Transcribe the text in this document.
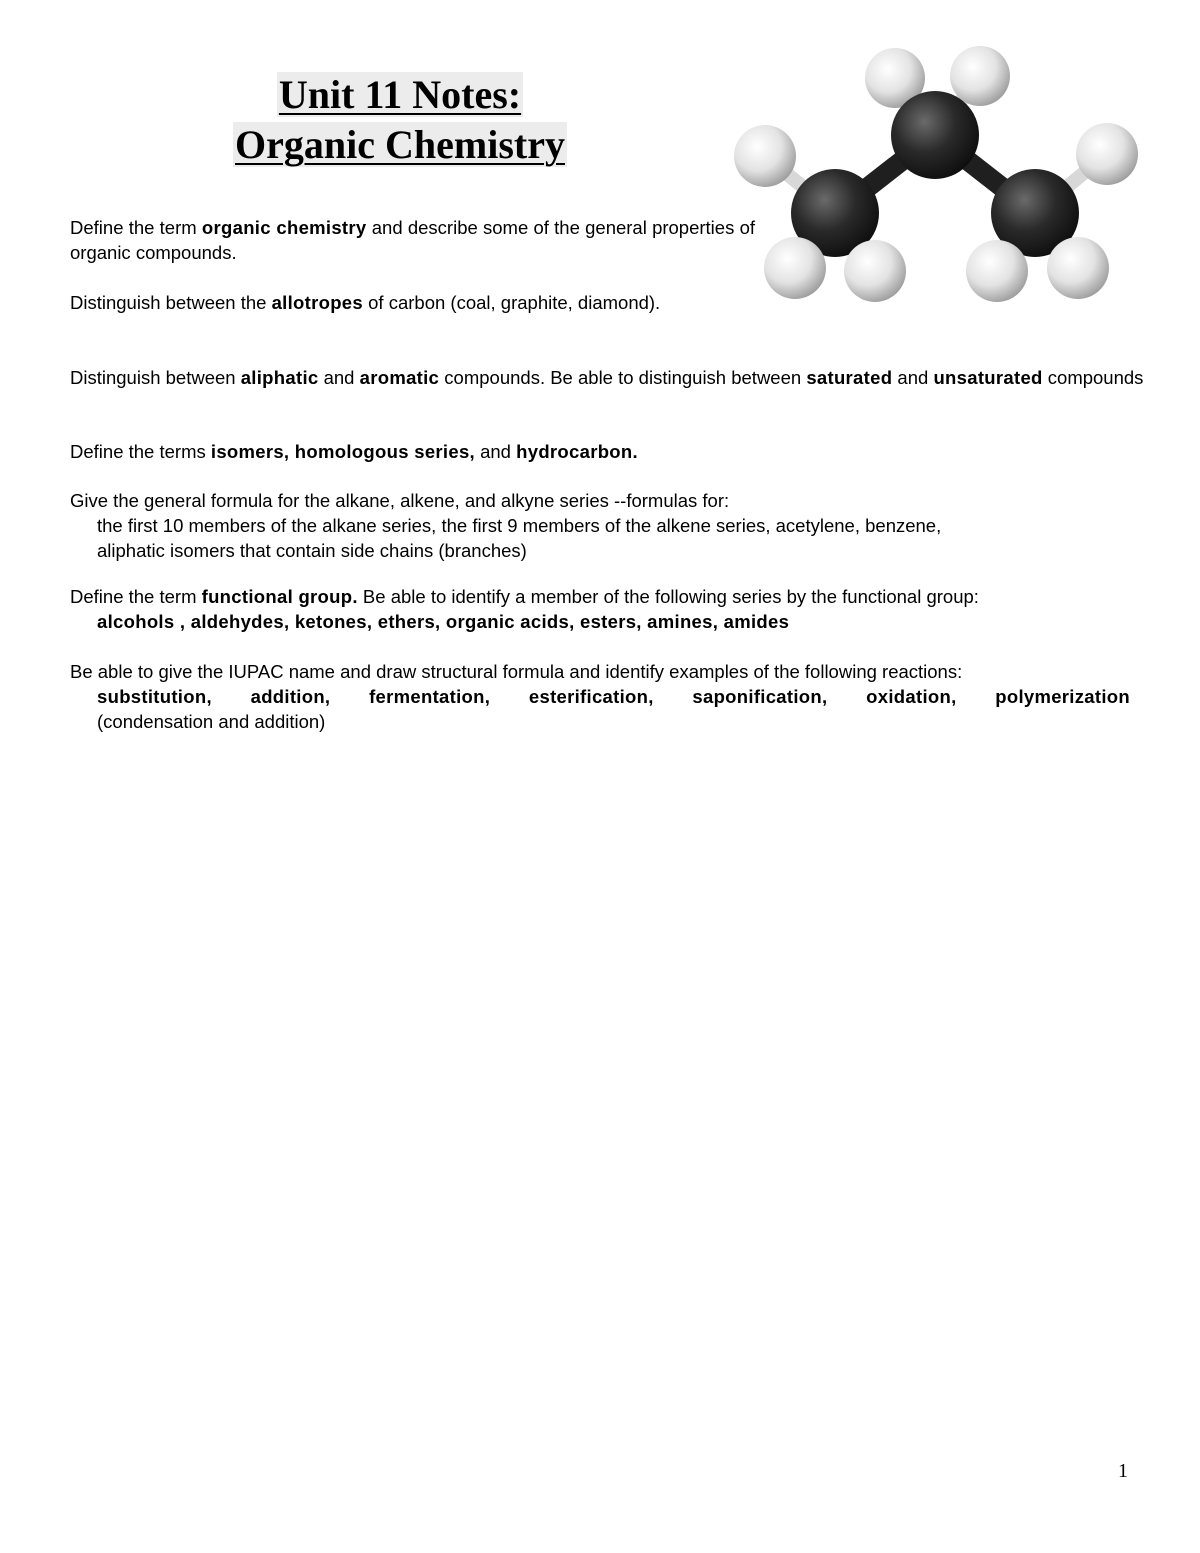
Unit 11 Notes:
Organic Chemistry
Define the term organic chemistry and describe some of the general properties of organic compounds.
Distinguish between the allotropes of carbon (coal, graphite, diamond).
Distinguish between aliphatic and aromatic compounds. Be able to distinguish between saturated and unsaturated compounds
Define the terms isomers, homologous series, and hydrocarbon.
Give the general formula for the alkane, alkene, and alkyne series --formulas for:
the first 10 members of the alkane series, the first 9 members of the alkene series, acetylene, benzene,
aliphatic isomers that contain side chains (branches)
Define the term functional group. Be able to identify a member of the following series by the functional group:
alcohols , aldehydes, ketones, ethers, organic acids, esters, amines, amides
Be able to give the IUPAC name and draw structural formula and identify examples of the following reactions:
substitution, addition, fermentation, esterification, saponification, oxidation, polymerization
(condensation and addition)
1
